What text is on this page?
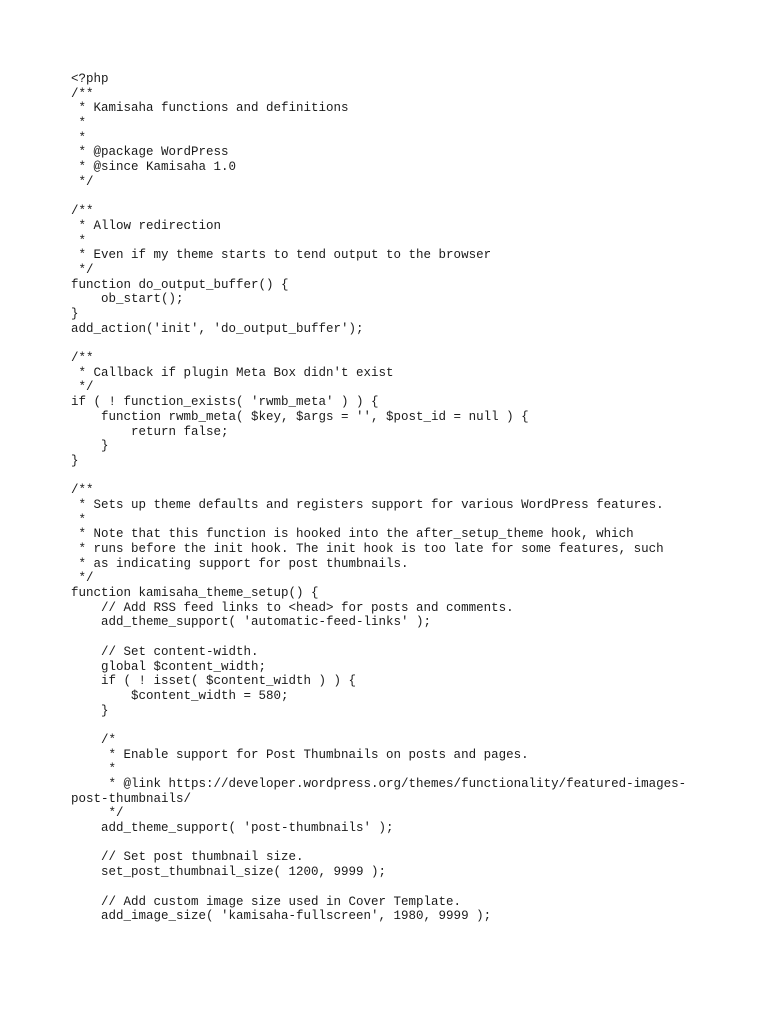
<?php
/**
* Kamisaha functions and definitions
*
*
* @package WordPress
* @since Kamisaha 1.0
*/
/**
* Allow redirection
*
* Even if my theme starts to tend output to the browser
*/
function do_output_buffer() {
ob_start();
}
add_action('init', 'do_output_buffer');
/**
* Callback if plugin Meta Box didn't exist
*/
if ( ! function_exists( 'rwmb_meta' ) ) {
function rwmb_meta( $key, $args = '', $post_id = null ) {
return false;
}
}
/**
* Sets up theme defaults and registers support for various WordPress features.
*
* Note that this function is hooked into the after_setup_theme hook, which
* runs before the init hook. The init hook is too late for some features, such
* as indicating support for post thumbnails.
*/
function kamisaha_theme_setup() {
// Add RSS feed links to <head> for posts and comments.
add_theme_support( 'automatic-feed-links' );
// Set content-width.
global $content_width;
if ( ! isset( $content_width ) ) {
$content_width = 580;
}
/*
* Enable support for Post Thumbnails on posts and pages.
*
* @link https://developer.wordpress.org/themes/functionality/featured-images-
post-thumbnails/
*/
add_theme_support( 'post-thumbnails' );
// Set post thumbnail size.
set_post_thumbnail_size( 1200, 9999 );
// Add custom image size used in Cover Template.
add_image_size( 'kamisaha-fullscreen', 1980, 9999 );
